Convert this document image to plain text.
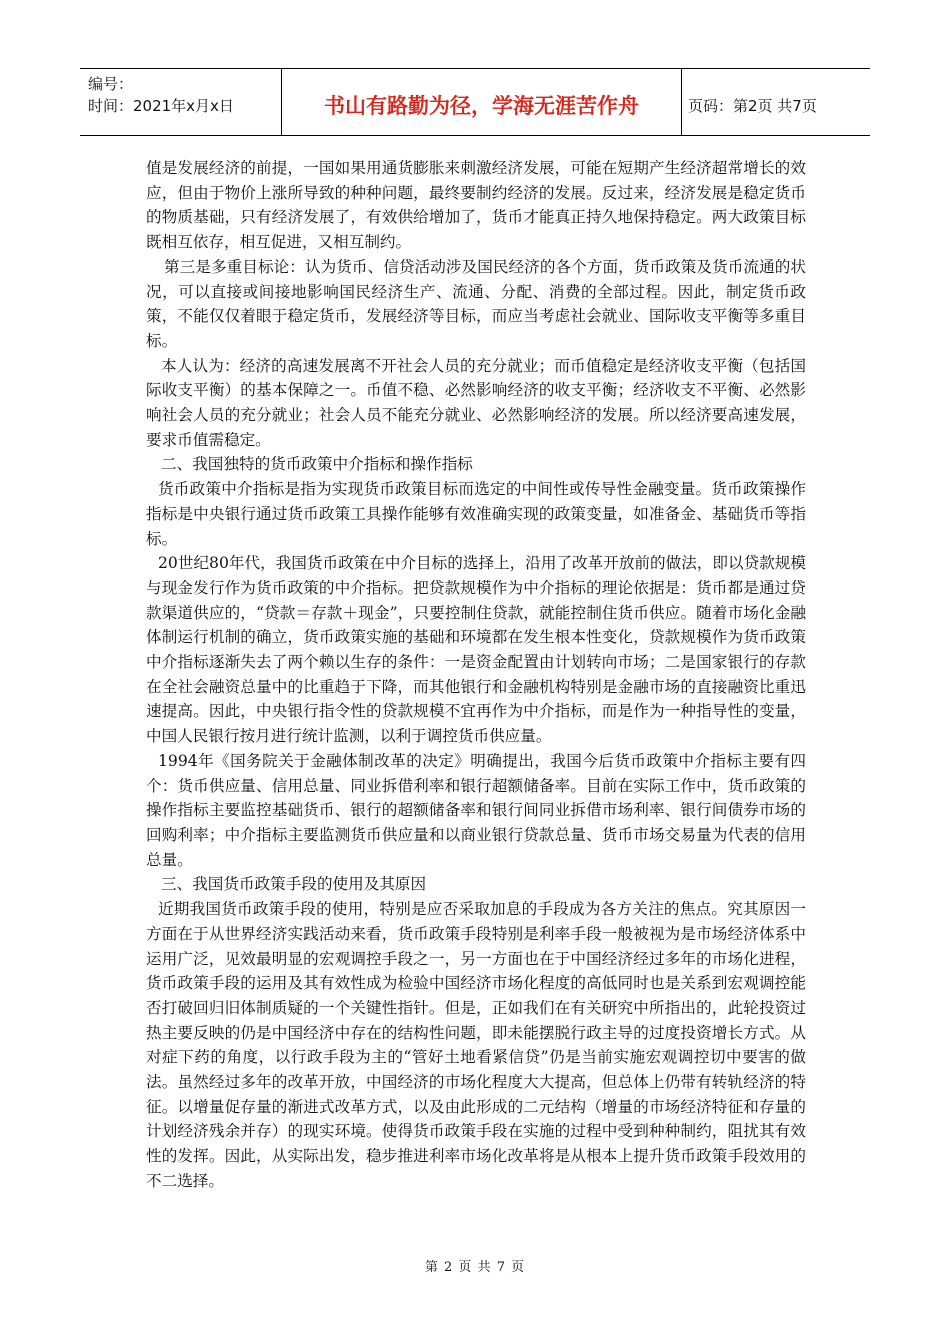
编号：
时间：2021年x月x日	书山有路勤为径，学海无涯苦作舟	页码：第2页 共7页

值是发展经济的前提，一国如果用通货膨胀来刺激经济发展，可能在短期产生经济超常增长的效应，但由于物价上涨所导致的种种问题，最终要制约经济的发展。反过来，经济发展是稳定货币的物质基础，只有经济发展了，有效供给增加了，货币才能真正持久地保持稳定。两大政策目标既相互依存，相互促进，又相互制约。

第三是多重目标论：认为货币、信贷活动涉及国民经济的各个方面，货币政策及货币流通的状况，可以直接或间接地影响国民经济生产、流通、分配、消费的全部过程。因此，制定货币政策，不能仅仅着眼于稳定货币，发展经济等目标，而应当考虑社会就业、国际收支平衡等多重目标。

本人认为：经济的高速发展离不开社会人员的充分就业；而币值稳定是经济收支平衡（包括国际收支平衡）的基本保障之一。币值不稳、必然影响经济的收支平衡；经济收支不平衡、必然影响社会人员的充分就业；社会人员不能充分就业、必然影响经济的发展。所以经济要高速发展，要求币值需稳定。

二、我国独特的货币政策中介指标和操作指标

货币政策中介指标是指为实现货币政策目标而选定的中间性或传导性金融变量。货币政策操作指标是中央银行通过货币政策工具操作能够有效准确实现的政策变量，如准备金、基础货币等指标。

20世纪80年代，我国货币政策在中介目标的选择上，沿用了改革开放前的做法，即以贷款规模与现金发行作为货币政策的中介指标。把贷款规模作为中介指标的理论依据是：货币都是通过贷款渠道供应的，“贷款＝存款＋现金”，只要控制住贷款，就能控制住货币供应。随着市场化金融体制运行机制的确立，货币政策实施的基础和环境都在发生根本性变化，贷款规模作为货币政策中介指标逐渐失去了两个赖以生存的条件：一是资金配置由计划转向市场；二是国家银行的存款在全社会融资总量中的比重趋于下降，而其他银行和金融机构特别是金融市场的直接融资比重迅速提高。因此，中央银行指令性的贷款规模不宜再作为中介指标，而是作为一种指导性的变量，中国人民银行按月进行统计监测，以利于调控货币供应量。

1994年《国务院关于金融体制改革的决定》明确提出，我国今后货币政策中介指标主要有四个：货币供应量、信用总量、同业拆借利率和银行超额储备率。目前在实际工作中，货币政策的操作指标主要监控基础货币、银行的超额储备率和银行间同业拆借市场利率、银行间债券市场的回购利率；中介指标主要监测货币供应量和以商业银行贷款总量、货币市场交易量为代表的信用总量。

三、我国货币政策手段的使用及其原因

近期我国货币政策手段的使用，特别是应否采取加息的手段成为各方关注的焦点。究其原因一方面在于从世界经济实践活动来看，货币政策手段特别是利率手段一般被视为是市场经济体系中运用广泛，见效最明显的宏观调控手段之一，另一方面也在于中国经济经过多年的市场化进程，货币政策手段的运用及其有效性成为检验中国经济市场化程度的高低同时也是关系到宏观调控能否打破回归旧体制质疑的一个关键性指针。但是，正如我们在有关研究中所指出的，此轮投资过热主要反映的仍是中国经济中存在的结构性问题，即未能摆脱行政主导的过度投资增长方式。从对症下药的角度，以行政手段为主的“管好土地看紧信贷”仍是当前实施宏观调控切中要害的做法。虽然经过多年的改革开放，中国经济的市场化程度大大提高，但总体上仍带有转轨经济的特征。以增量促存量的渐进式改革方式，以及由此形成的二元结构（增量的市场经济特征和存量的计划经济残余并存）的现实环境。使得货币政策手段在实施的过程中受到种种制约，阻扰其有效性的发挥。因此，从实际出发，稳步推进利率市场化改革将是从根本上提升货币政策手段效用的不二选择。

第 2 页 共 7 页
